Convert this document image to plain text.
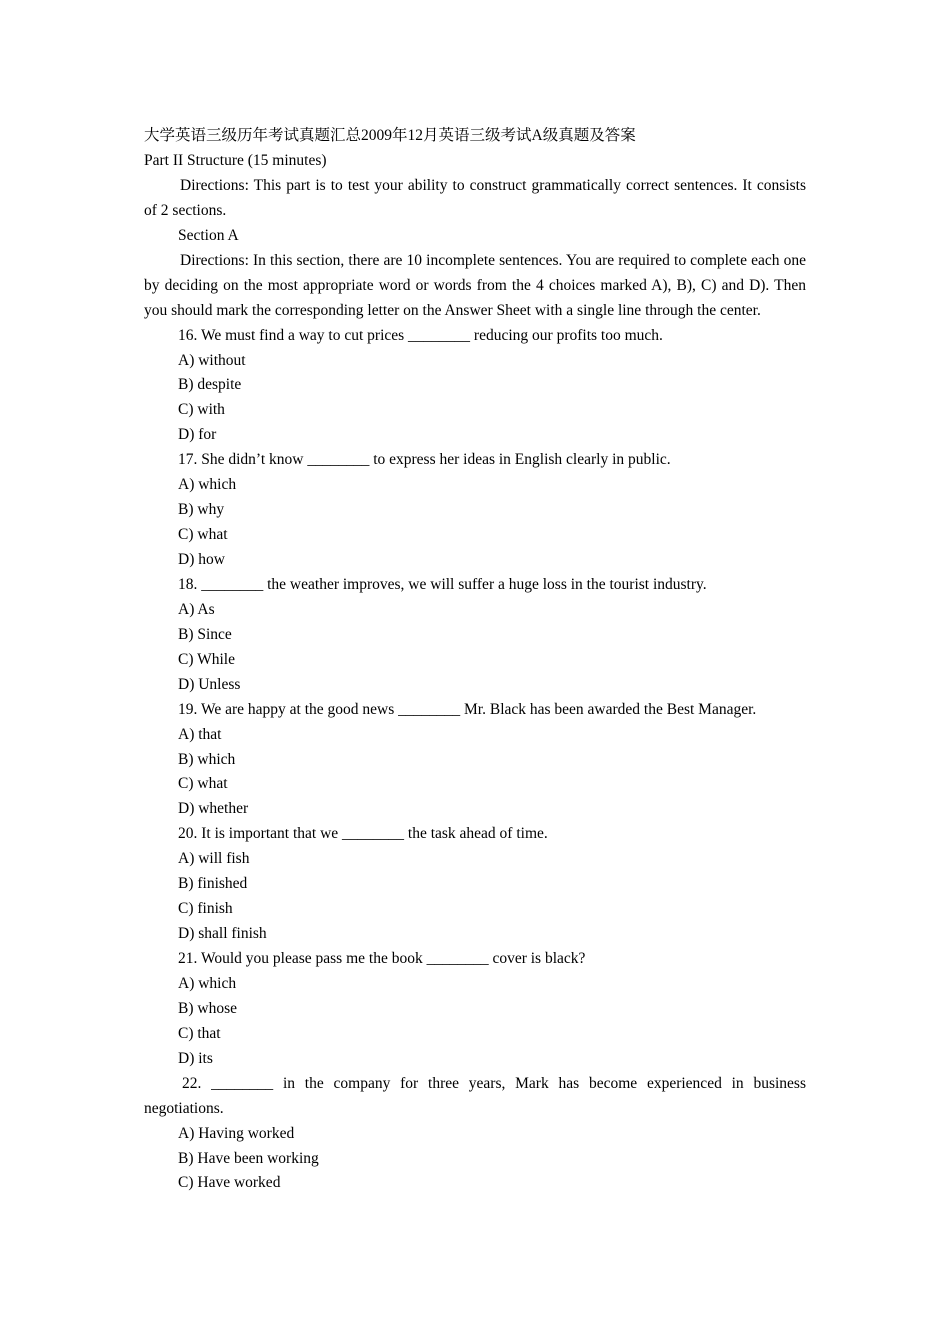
大学英语三级历年考试真题汇总2009年12月英语三级考试A级真题及答案
Part II Structure (15 minutes)
Directions: This part is to test your ability to construct grammatically correct sentences. It consists of 2 sections.
Section A
Directions: In this section, there are 10 incomplete sentences. You are required to complete each one by deciding on the most appropriate word or words from the 4 choices marked A), B), C) and D). Then you should mark the corresponding letter on the Answer Sheet with a single line through the center.
16. We must find a way to cut prices ________ reducing our profits too much.
A) without
B) despite
C) with
D) for
17. She didn’t know ________ to express her ideas in English clearly in public.
A) which
B) why
C) what
D) how
18. ________ the weather improves, we will suffer a huge loss in the tourist industry.
A) As
B) Since
C) While
D) Unless
19. We are happy at the good news ________ Mr. Black has been awarded the Best Manager.
A) that
B) which
C) what
D) whether
20. It is important that we ________ the task ahead of time.
A) will fish
B) finished
C) finish
D) shall finish
21. Would you please pass me the book ________ cover is black?
A) which
B) whose
C) that
D) its
22. ________ in the company for three years, Mark has become experienced in business negotiations.
A) Having worked
B) Have been working
C) Have worked
